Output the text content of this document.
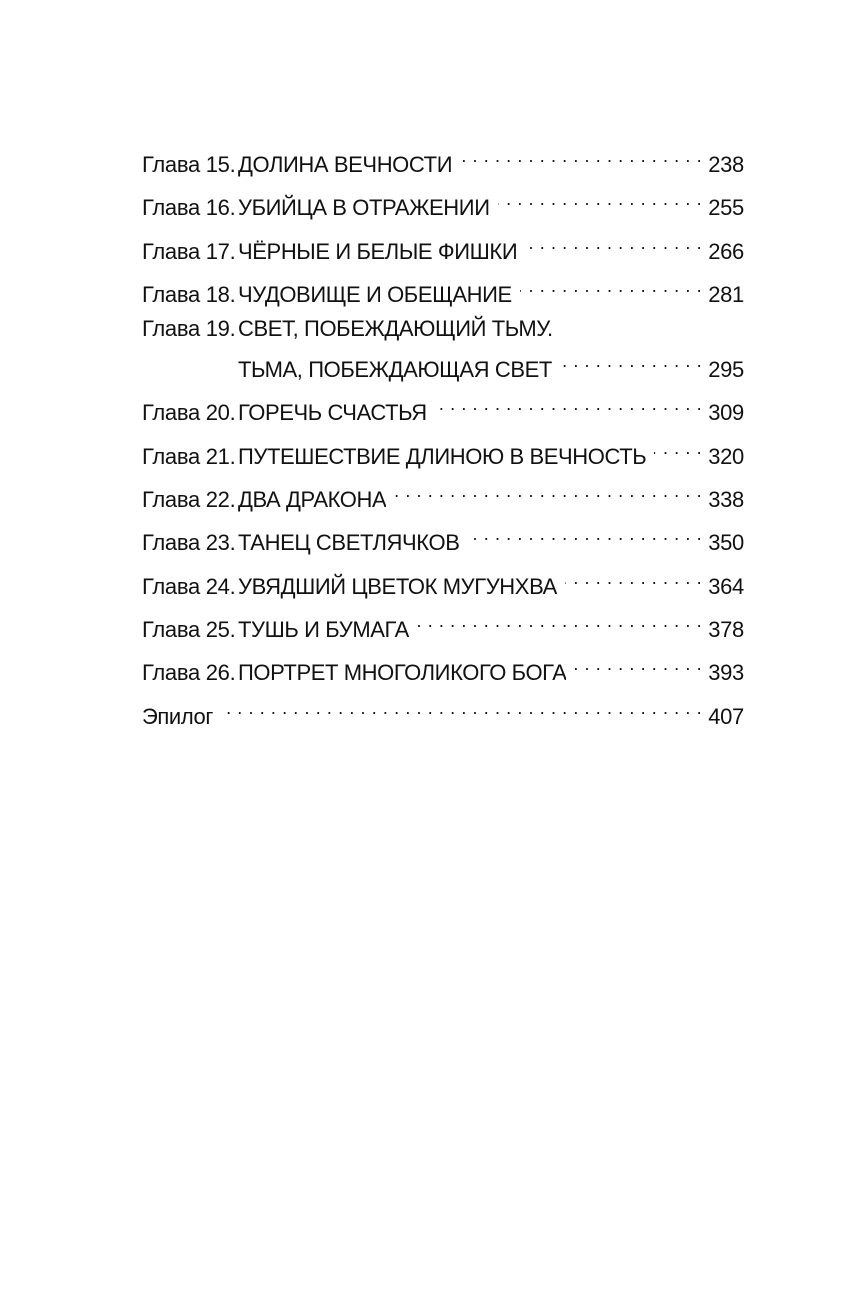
Глава 15. ДОЛИНА ВЕЧНОСТИ . . .	238
Глава 16. УБИЙЦА В ОТРАЖЕНИИ . . .	255
Глава 17. ЧЁРНЫЕ И БЕЛЫЕ ФИШКИ . . .	266
Глава 18. ЧУДОВИЩЕ И ОБЕЩАНИЕ . . .	281
Глава 19. СВЕТ, ПОБЕЖДАЮЩИЙ ТЬМУ.
ТЬМА, ПОБЕЖДАЮЩАЯ СВЕТ . . .	295
Глава 20. ГОРЕЧЬ СЧАСТЬЯ . . .	309
Глава 21. ПУТЕШЕСТВИЕ ДЛИНОЮ В ВЕЧНОСТЬ . . .	320
Глава 22. ДВА ДРАКОНА . . .	338
Глава 23. ТАНЕЦ СВЕТЛЯЧКОВ . . .	350
Глава 24. УВЯДШИЙ ЦВЕТОК МУГУНХВА . . .	364
Глава 25. ТУШЬ И БУМАГА . . .	378
Глава 26. ПОРТРЕТ МНОГОЛИКОГО БОГА . . .	393
Эпилог . . .	407
